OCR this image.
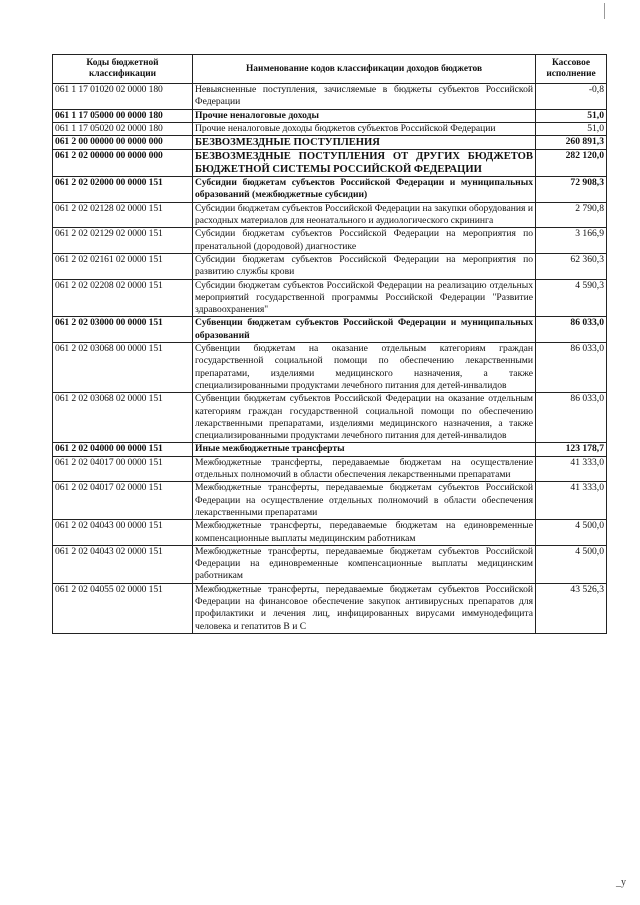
Коды бюджетной классификации	Наименование кодов классификации доходов бюджетов	Кассовое исполнение
061 1 17 01020 02 0000 180	Невыясненные поступления, зачисляемые в бюджеты субъектов Российской Федерации	-0,8
061 1 17 05000 00 0000 180	Прочие неналоговые доходы	51,0
061 1 17 05020 02 0000 180	Прочие неналоговые доходы бюджетов субъектов Российской Федерации	51,0
061 2 00 00000 00 0000 000	БЕЗВОЗМЕЗДНЫЕ ПОСТУПЛЕНИЯ	260 891,3
061 2 02 00000 00 0000 000	БЕЗВОЗМЕЗДНЫЕ ПОСТУПЛЕНИЯ ОТ ДРУГИХ БЮДЖЕТОВ БЮДЖЕТНОЙ СИСТЕМЫ РОССИЙСКОЙ ФЕДЕРАЦИИ	282 120,0
061 2 02 02000 00 0000 151	Субсидии бюджетам субъектов Российской Федерации и муниципальных образований (межбюджетные субсидии)	72 908,3
061 2 02 02128 02 0000 151	Субсидии бюджетам субъектов Российской Федерации на закупки оборудования и расходных материалов для неонатального и аудиологического скрининга	2 790,8
061 2 02 02129 02 0000 151	Субсидии бюджетам субъектов Российской Федерации на мероприятия по пренатальной (дородовой) диагностике	3 166,9
061 2 02 02161 02 0000 151	Субсидии бюджетам субъектов Российской Федерации на мероприятия по развитию службы крови	62 360,3
061 2 02 02208 02 0000 151	Субсидии бюджетам субъектов Российской Федерации на реализацию отдельных мероприятий государственной программы Российской Федерации "Развитие здравоохранения"	4 590,3
061 2 02 03000 00 0000 151	Субвенции бюджетам субъектов Российской Федерации и муниципальных образований	86 033,0
061 2 02 03068 00 0000 151	Субвенции бюджетам на оказание отдельным категориям граждан государственной социальной помощи по обеспечению лекарственными препаратами, изделиями медицинского назначения, а также специализированными продуктами лечебного питания для детей-инвалидов	86 033,0
061 2 02 03068 02 0000 151	Субвенции бюджетам субъектов Российской Федерации на оказание отдельным категориям граждан государственной социальной помощи по обеспечению лекарственными препаратами, изделиями медицинского назначения, а также специализированными продуктами лечебного питания для детей-инвалидов	86 033,0
061 2 02 04000 00 0000 151	Иные межбюджетные трансферты	123 178,7
061 2 02 04017 00 0000 151	Межбюджетные трансферты, передаваемые бюджетам на осуществление отдельных полномочий в области обеспечения лекарственными препаратами	41 333,0
061 2 02 04017 02 0000 151	Межбюджетные трансферты, передаваемые бюджетам субъектов Российской Федерации на осуществление отдельных полномочий в области обеспечения лекарственными препаратами	41 333,0
061 2 02 04043 00 0000 151	Межбюджетные трансферты, передаваемые бюджетам на единовременные компенсационные выплаты медицинским работникам	4 500,0
061 2 02 04043 02 0000 151	Межбюджетные трансферты, передаваемые бюджетам субъектов Российской Федерации на единовременные компенсационные выплаты медицинским работникам	4 500,0
061 2 02 04055 02 0000 151	Межбюджетные трансферты, передаваемые бюджетам субъектов Российской Федерации на финансовое обеспечение закупок антивирусных препаратов для профилактики и лечения лиц, инфицированных вирусами иммунодефицита человека и гепатитов В и С	43 526,3
_у
